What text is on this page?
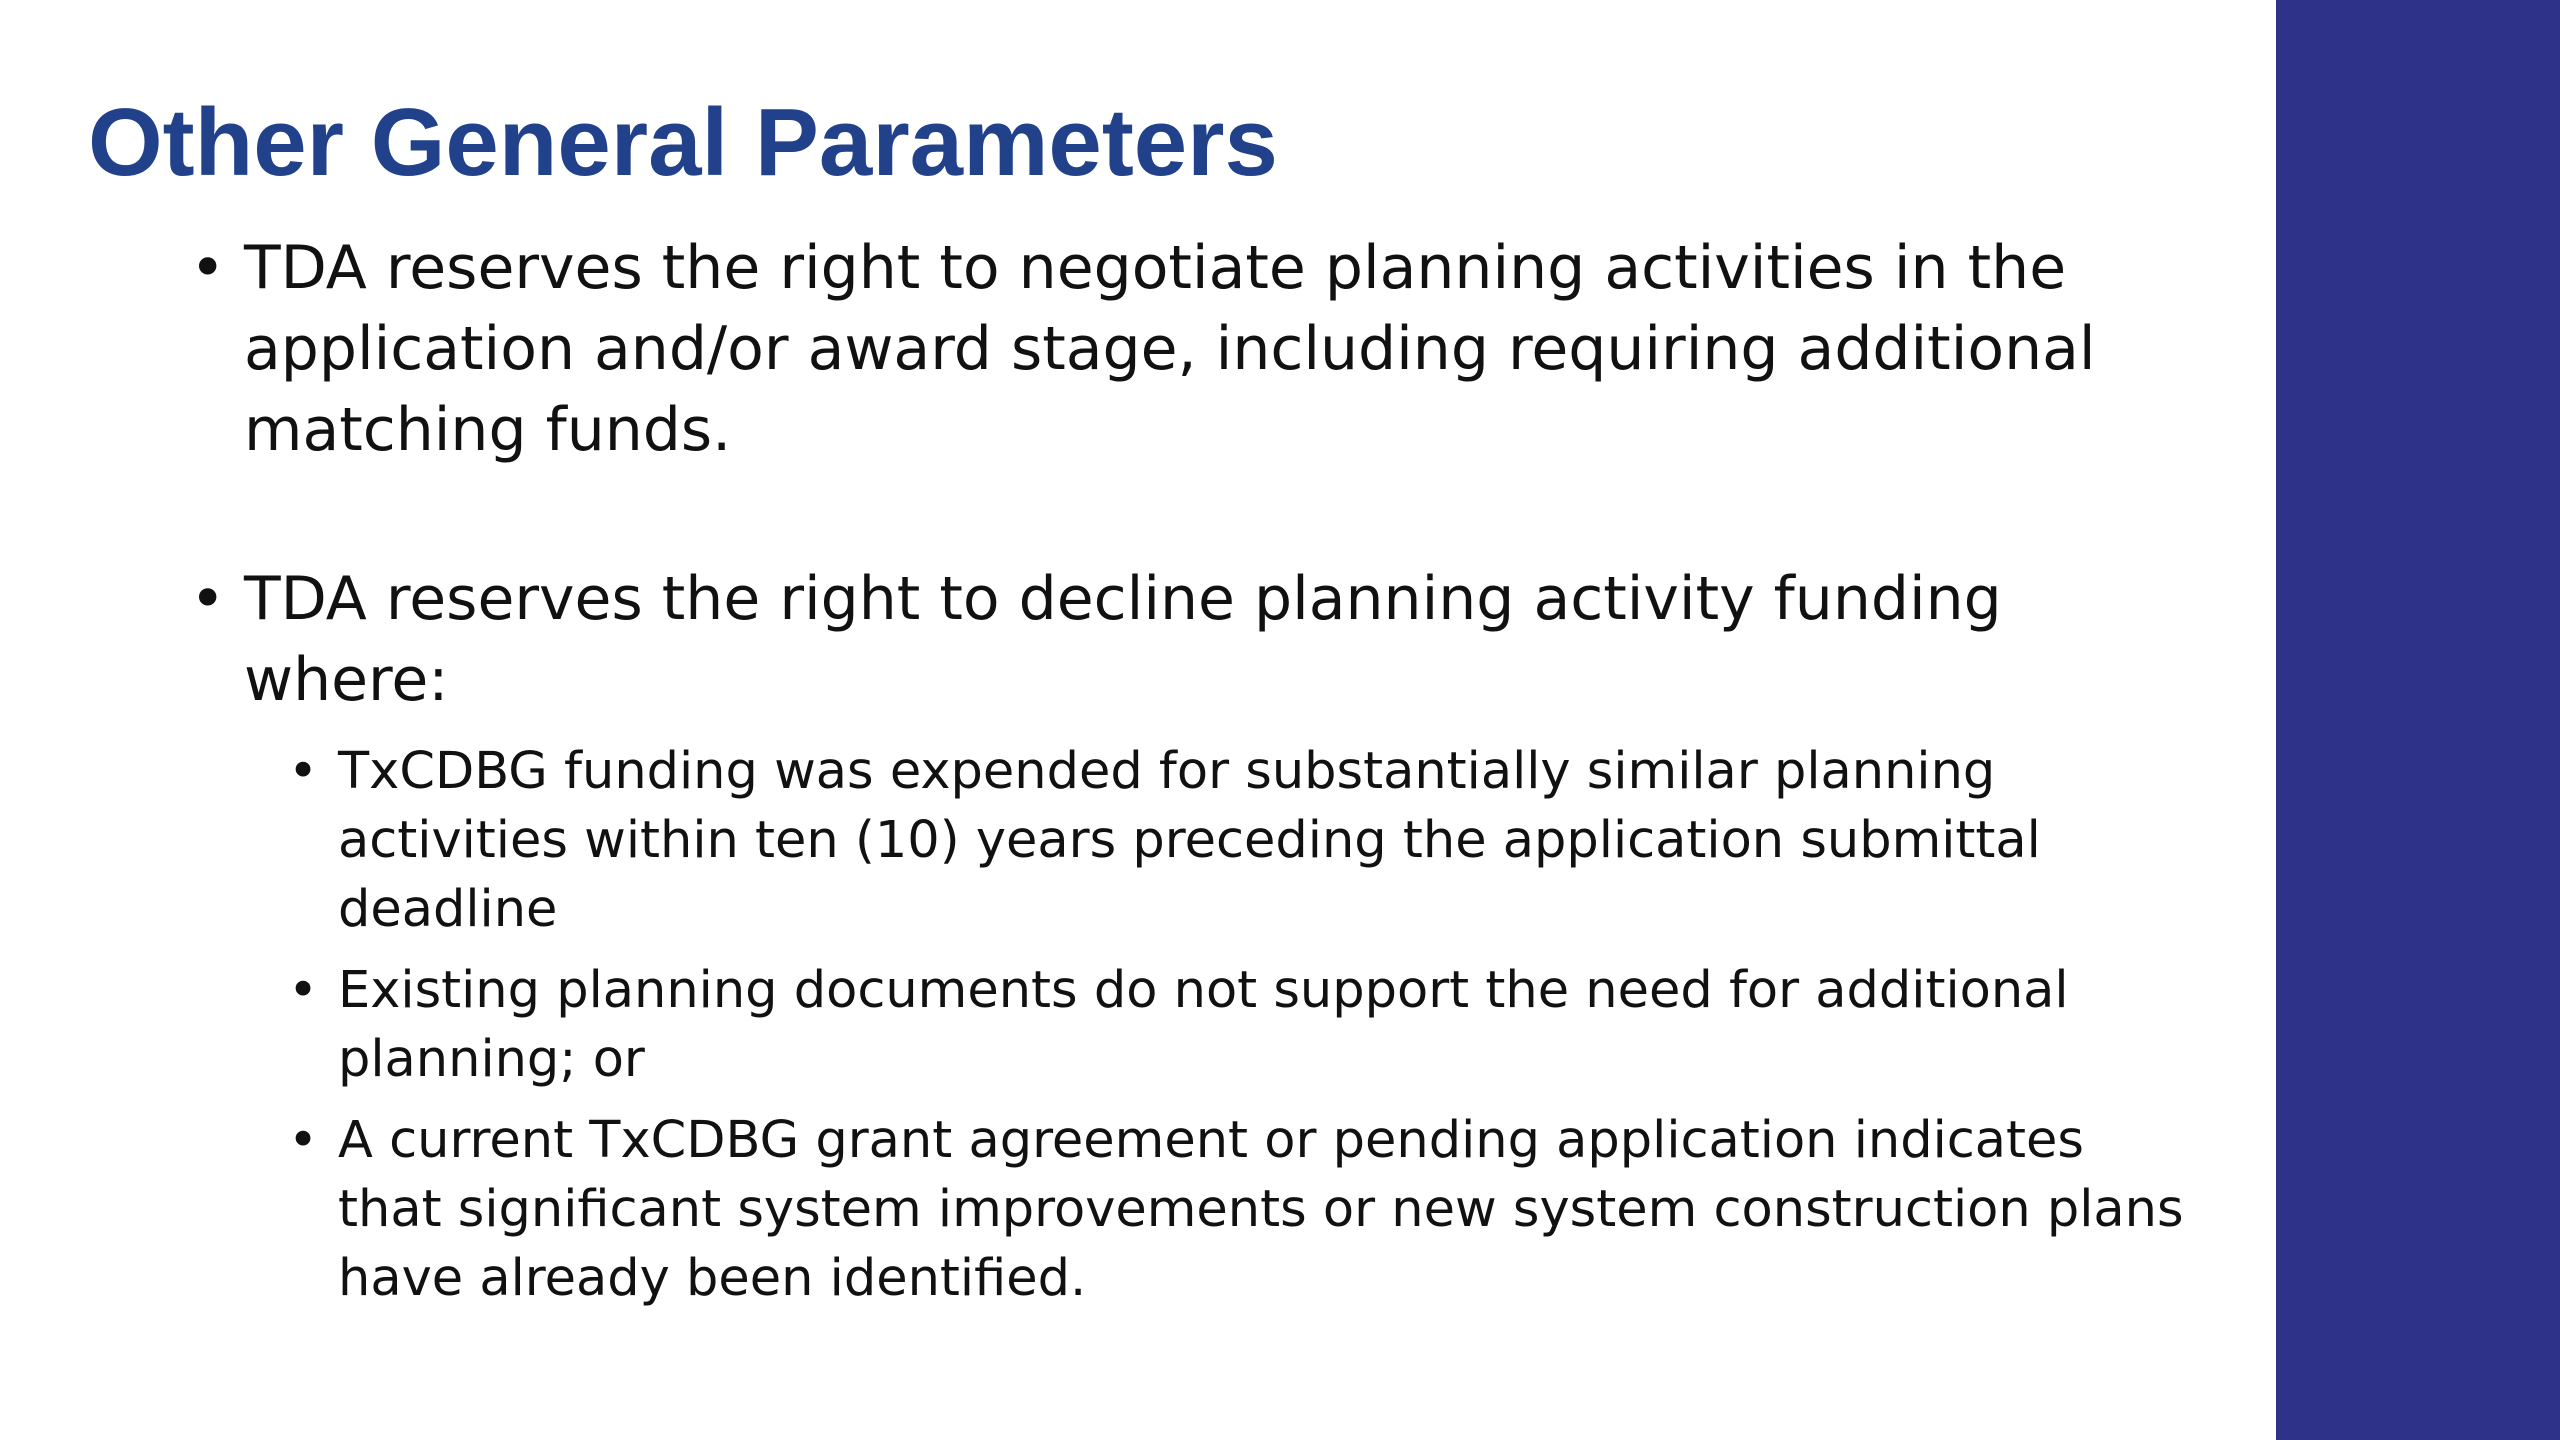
Other General Parameters
• TDA reserves the right to negotiate planning activities in the application and/or award stage, including requiring additional matching funds.
• TDA reserves the right to decline planning activity funding where:
• TxCDBG funding was expended for substantially similar planning activities within ten (10) years preceding the application submittal deadline
• Existing planning documents do not support the need for additional planning; or
• A current TxCDBG grant agreement or pending application indicates that significant system improvements or new system construction plans have already been identified.
